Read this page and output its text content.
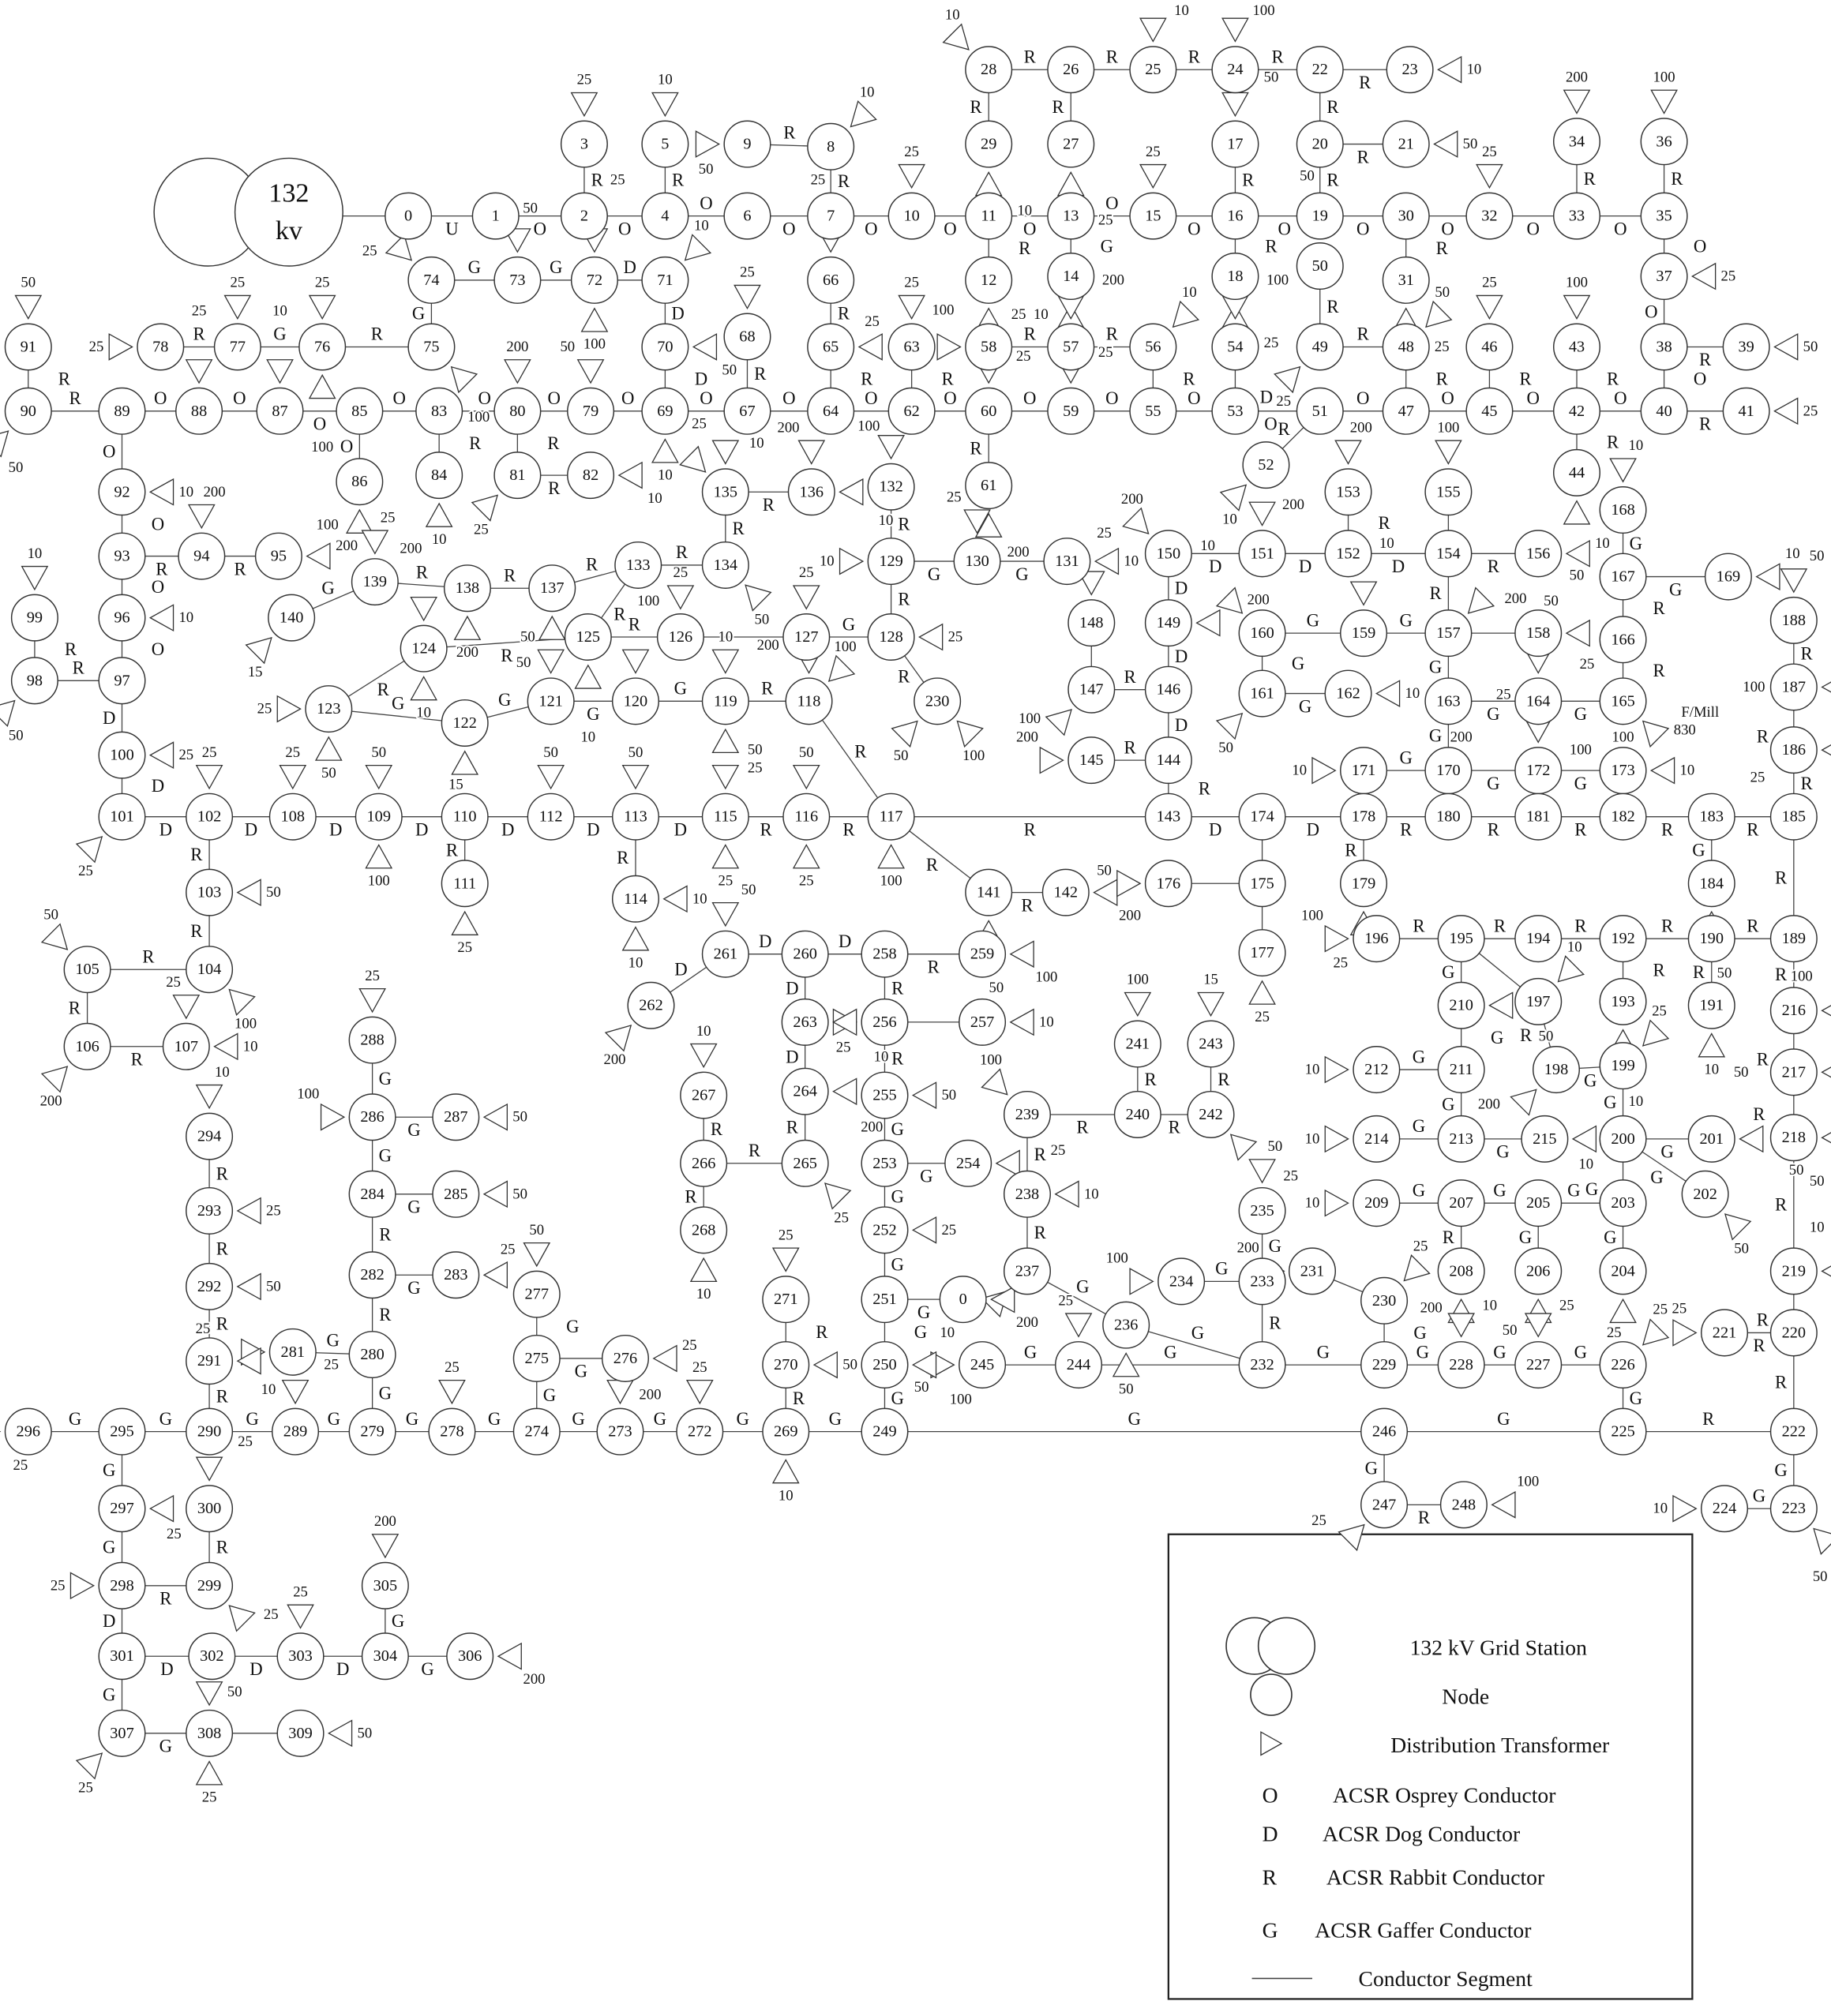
132 kV Grid Station
Node
Distribution Transformer
O	ACSR Osprey Conductor
D	ACSR Dog Conductor
R	ACSR Rabbit Conductor
G	ACSR Gaffer Conductor
Conductor Segment
132
kv
0	1	2
3
4
5
6	7
8
9
10	11
12
13
14
15	16
17
18
19
20	21
22	23
24
25
26
27
28
29
30
31
32	33
34
35
36
37
38	39
40	41
42
43
44
45
46
47
48
49
50
51
52
53
54
55
56
57
58
59
60
61
62
63
64
65
66
67
68
69
70
71
72
73
74
75
76
77
78
79
80
81	82
83
84
85
86
87
88
89
90
91
92
93	94	95
96
97
98
99
100
101	102
103
104
105
106	107
108	109	110
111
112	113
114
115	116	117
118
119
120
121
122
123
124
125	126	127	128
129	130	131
132
133	134
135	136
137
138
139
140
141	142
143
144
145
146
147
148	149
150	151	152
153
154
155
156
157	158
159
160
161	162	163	164	165
166
167
168
169
170
171	172	173
174
175
176
177
178
179
180	181	182	183
184
185
186
187
188
189
190
191
192
193
194
195
196
197
198	199
200	201
202
203
204
205
206
207
208
209
210
211
212
213
214	215
216
217
218
219
220
221
222
223
224
225
226
227
228
229
230
230
231
232
233
234
235
236
237
238
239	240
241
242
243
244
245
246
247	248
249
250
251
252
253	254
255
256	257
258	259
260
261
262
263
264
265
266
267
268
269
270
271
272
273
274
275	276
277
278
279
280
281
282	283
284	285
286	287
288
289
290
291
292
293
294
295
296
297
298	299
300
301	302	303	304
305
306
307	308	309
0
U	O
R
O
R
O
O
R
R
O	O
R
O
G
O
O
R
R
O
R
R
R
R
R
R
R
R
R
R
O
R
O	O
R
O
R
O
O
R
O
R
O
R
R
O
R
O
R
R
R
O
R
O
D
O
R
R
R
O
O
R
O
R
O
R
R
O
R
O
D
D
D
G
G
G
R
G
R
O
O
R
R
O
R
O
O
O
O
O
R
R
O
O
R	R
O
O
R
R
D
D
D
R
R
R
R
R
D	D	D
R
D	D
R
D	R	R
R
R
G
G
G
G
R
R
R	G
R
G	G
R
R
R
R
R
R
R
R
G
R
R
R
R
R
R
D
R
D
D
D	D
R
D	R
R
G
G
G
G
G
G	G
R
R
G
G
G
G
G	G
D	D
R
R	R	R	R
G
R
R
R
R
R
R
R
R
R
R
R
R
R
G
G
G
G
G
G
G
G
G
G
G
G
G
G
G
R
G
R
R
R
R
R
R
R
G
G
R
G
G
G
G
G
G
R
G
G
G
G
R
R
R
R
R
R
G
G
G
G
R
G
G
G
G
G
G
G
G
R
R
R
D
D
D
D
D
R
R
R
R
G
R
R
G
G
G
G
G
G
G
G
G
G
R
G
R
G
G
G
G
G
G
R
R
R
R
G
G
G
G
R
R
D
D	D	D
G
G
G
G
25	10
50
10
25
25	25
25
50
25
50
10
100
10
25
10
10
25
25
200	100
25
50
25
100
50
25
50
25
50
10
100
10
200
100	10
25
200
25
25
25
25
10
50
10
25
100
50
25
100
25
100
25
25	50
200
25
10
10
200
10
25
50
50
10 200
100
10
10
50
25
25
25
50
100
50
200
10
25
25	50
100
25
50	50
10
10
50
25
50
25	100
100
200
10
25
100
50
15
25
50
200
10
10
25	25
25
10
25
10
100
50
25
10
10
200
50
200
25
15
50
200
200
100
25
200
200	200
200	100
10
200
25
10
10
50
10
50
830
F/Mill
10
10
10
25
10
50
25
25
200
100
100
50
25
100
50
10
10
100
10
200
25
50
50
25
50
200
10
50
10
10
10
100
50
50
10
25
50
10
25
25
10
25
200
100
50
50
10
10
100
100
25
15
25
50
25
100
100
200
25
25
50
25
10
100
50
200	10
200
25
10
10
10
50
25
25
200
25
50
25
25
25
50
100
50
25
25
10
50
25
10
25
25
25
25
25
25
200
200
25
50
25
50
100
50
